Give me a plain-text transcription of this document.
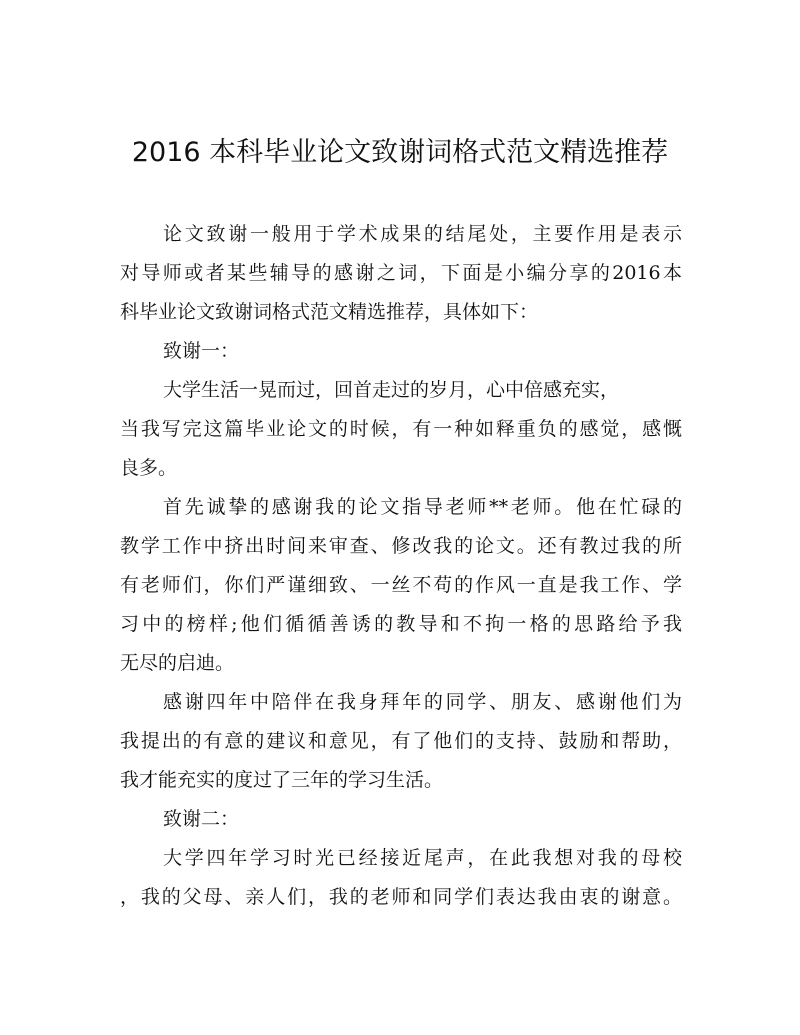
2016 本科毕业论文致谢词格式范文精选推荐
论文致谢一般用于学术成果的结尾处，主要作用是表示
对导师或者某些辅导的感谢之词，下面是小编分享的2016本
科毕业论文致谢词格式范文精选推荐，具体如下：
致谢一：
大学生活一晃而过，回首走过的岁月，心中倍感充实，
当我写完这篇毕业论文的时候，有一种如释重负的感觉，感慨
良多。
首先诚挚的感谢我的论文指导老师**老师。他在忙碌的
教学工作中挤出时间来审查、修改我的论文。还有教过我的所
有老师们，你们严谨细致、一丝不苟的作风一直是我工作、学
习中的榜样;他们循循善诱的教导和不拘一格的思路给予我
无尽的启迪。
感谢四年中陪伴在我身拜年的同学、朋友、感谢他们为
我提出的有意的建议和意见，有了他们的支持、鼓励和帮助，
我才能充实的度过了三年的学习生活。
致谢二：
大学四年学习时光已经接近尾声，在此我想对我的母校
，我的父母、亲人们，我的老师和同学们表达我由衷的谢意。
